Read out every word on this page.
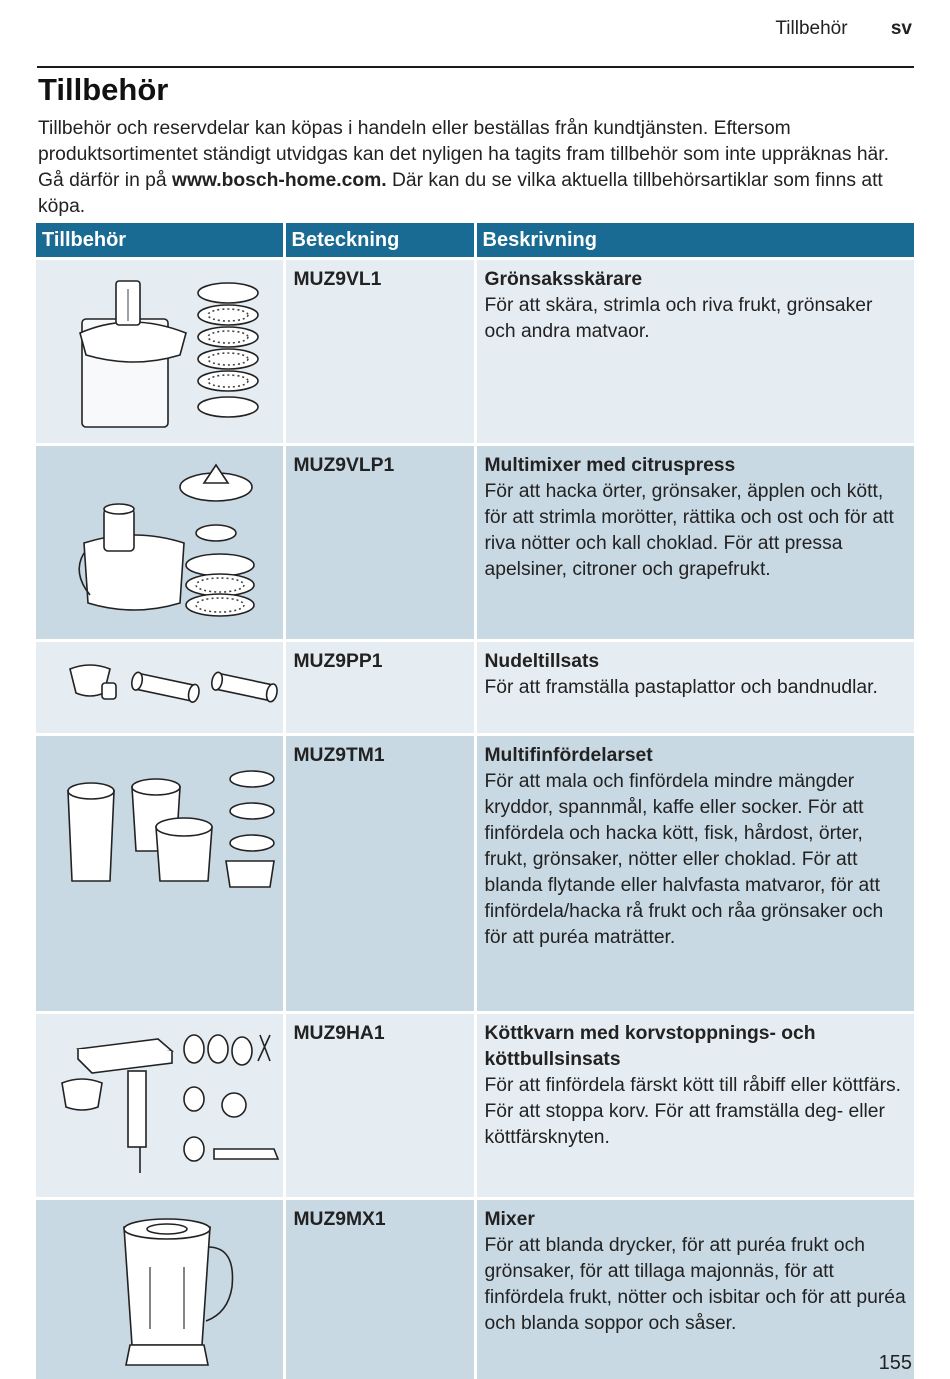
Tillbehör sv
Tillbehör
Tillbehör och reservdelar kan köpas i handeln eller beställas från kundtjänsten. Eftersom produktsortimentet ständigt utvidgas kan det nyligen ha tagits fram tillbehör som inte uppräknas här. Gå därför in på www.bosch-home.com. Där kan du se vilka aktuella tillbehörsartiklar som finns att köpa.
Tillbehör	Beteckning	Beskrivning

	MUZ9VL1	Grönsaksskärare
För att skära, strimla och riva frukt, grönsaker och andra matvaor.

	MUZ9VLP1	Multimixer med citruspress
För att hacka örter, grönsaker, äpplen och kött, för att strimla morötter, rättika och ost och för att riva nötter och kall choklad. För att pressa apelsiner, citroner och grapefrukt.

	MUZ9PP1	Nudeltillsats
För att framställa pastaplattor och bandnudlar.

	MUZ9TM1	Multifinfördelarset
För att mala och finfördela mindre mängder kryddor, spannmål, kaffe eller socker. För att finfördela och hacka kött, fisk, hårdost, örter, frukt, grönsaker, nötter eller choklad. För att blanda flytande eller halvfasta matvaror, för att finfördela/hacka rå frukt och råa grönsaker och för att puréa maträtter.

	MUZ9HA1	Köttkvarn med korvstoppnings- och köttbullsinsats
För att finfördela färskt kött till råbiff eller köttfärs. För att stoppa korv. För att framställa deg- eller köttfärsknyten.

	MUZ9MX1	Mixer
För att blanda drycker, för att puréa frukt och grönsaker, för att tillaga majonnäs, för att finfördela frukt, nötter och isbitar och för att puréa och blanda soppor och såser.
155
